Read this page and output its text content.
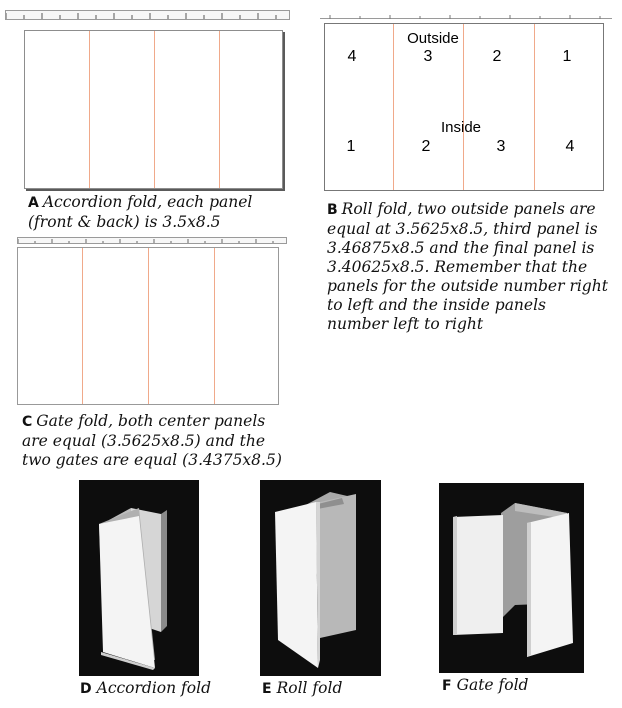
A Accordion fold, each panel (front & back) is 3.5x8.5
Outside
4	3	2	1
Inside
1	2	3	4
B Roll fold, two outside panels are equal at 3.5625x8.5, third panel is 3.46875x8.5 and the final panel is 3.40625x8.5. Remember that the panels for the outside number right to left and the inside panels number left to right
C Gate fold, both center panels are equal (3.5625x8.5) and the two gates are equal (3.4375x8.5)
D Accordion fold	E Roll fold	F Gate fold
